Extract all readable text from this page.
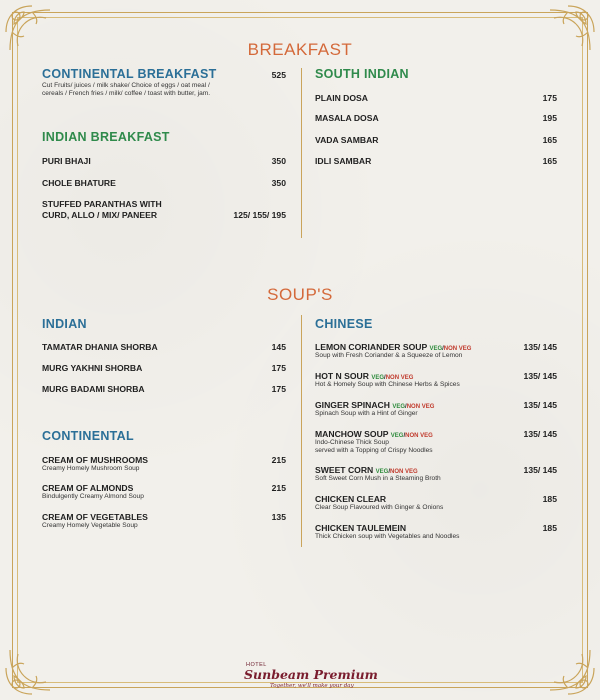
BREAKFAST
CONTINENTAL BREAKFAST	525
Cut Fruits/ juices / milk shake/ Choice of eggs / oat meal /
cereals / French fries / milk/ coffee / toast with butter, jam.
INDIAN BREAKFAST
PURI BHAJI	350
CHOLE BHATURE	350
STUFFED PARANTHAS WITH
CURD, ALLO / MIX/ PANEER	125/ 155/ 195
SOUTH INDIAN
PLAIN DOSA	175
MASALA DOSA	195
VADA SAMBAR	165
IDLI SAMBAR	165
SOUP'S
INDIAN
TAMATAR DHANIA SHORBA	145
MURG YAKHNI SHORBA	175
MURG BADAMI SHORBA	175
CONTINENTAL
CREAM OF MUSHROOMS	215
Creamy Homely Mushroom Soup
CREAM OF ALMONDS	215
Bindulgently Creamy Almond Soup
CREAM OF VEGETABLES	135
Creamy Homely Vegetable Soup
CHINESE
LEMON CORIANDER SOUP VEG/NON VEG	135/ 145
Soup with Fresh Coriander & a Squeeze of Lemon
HOT N SOUR VEG/NON VEG	135/ 145
Hot & Homely Soup with Chinese Herbs & Spices
GINGER SPINACH VEG/NON VEG	135/ 145
Spinach Soup with a Hint of Ginger
MANCHOW SOUP VEG/NON VEG	135/ 145
Indo-Chinese Thick Soup
served with a Topping of Crispy Noodles
SWEET CORN VEG/NON VEG	135/ 145
Soft Sweet Corn Mush in a Steaming Broth
CHICKEN CLEAR	185
Clear Soup Flavoured with Ginger & Onions
CHICKEN TAULEMEIN	185
Thick Chicken soup with Vegetables and Noodles
HOTEL
Sunbeam Premium
Together, we'll make your day
